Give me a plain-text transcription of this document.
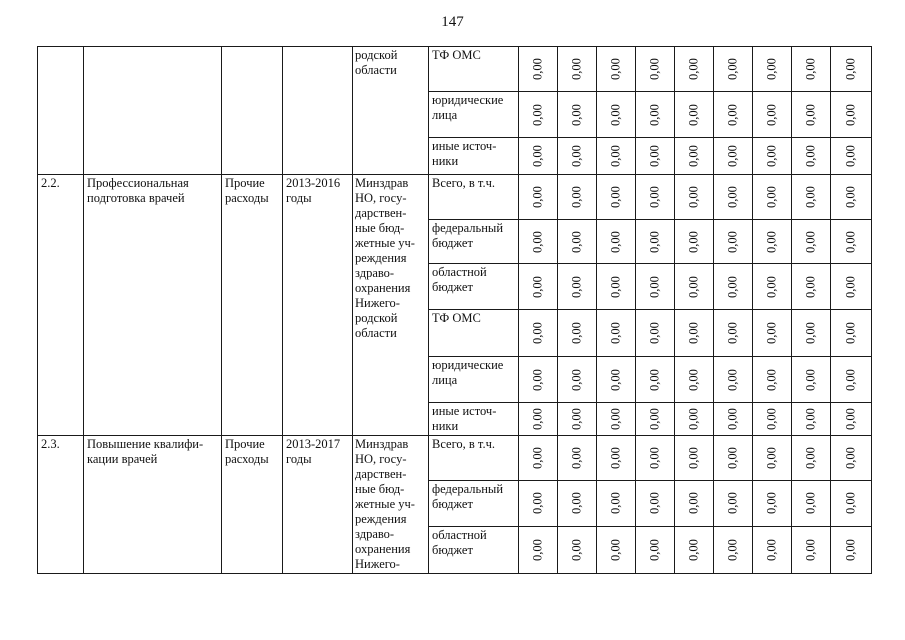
147
				родской области	ТФ ОМС	0,00	0,00	0,00	0,00	0,00	0,00	0,00	0,00	0,00

					юридические лица	0,00	0,00	0,00	0,00	0,00	0,00	0,00	0,00	0,00

					иные источ-ники	0,00	0,00	0,00	0,00	0,00	0,00	0,00	0,00	0,00

2.2.	Профессиональная подготовка врачей	Прочие расходы	2013-2016 годы	Минздрав НО, госу-дарствен-ные бюд-жетные уч-реждения здраво-охранения Нижего-родской области	Всего, в т.ч.	0,00	0,00	0,00	0,00	0,00	0,00	0,00	0,00	0,00

					федеральный бюджет	0,00	0,00	0,00	0,00	0,00	0,00	0,00	0,00	0,00

					областной бюджет	0,00	0,00	0,00	0,00	0,00	0,00	0,00	0,00	0,00

					ТФ ОМС	0,00	0,00	0,00	0,00	0,00	0,00	0,00	0,00	0,00

					юридические лица	0,00	0,00	0,00	0,00	0,00	0,00	0,00	0,00	0,00

					иные источ-ники	0,00	0,00	0,00	0,00	0,00	0,00	0,00	0,00	0,00

2.3.	Повышение квалифи-кации врачей	Прочие расходы	2013-2017 годы	Минздрав НО, госу-дарствен-ные бюд-жетные уч-реждения здраво-охранения Нижего-	Всего, в т.ч.	0,00	0,00	0,00	0,00	0,00	0,00	0,00	0,00	0,00

					федеральный бюджет	0,00	0,00	0,00	0,00	0,00	0,00	0,00	0,00	0,00

					областной бюджет	0,00	0,00	0,00	0,00	0,00	0,00	0,00	0,00	0,00
